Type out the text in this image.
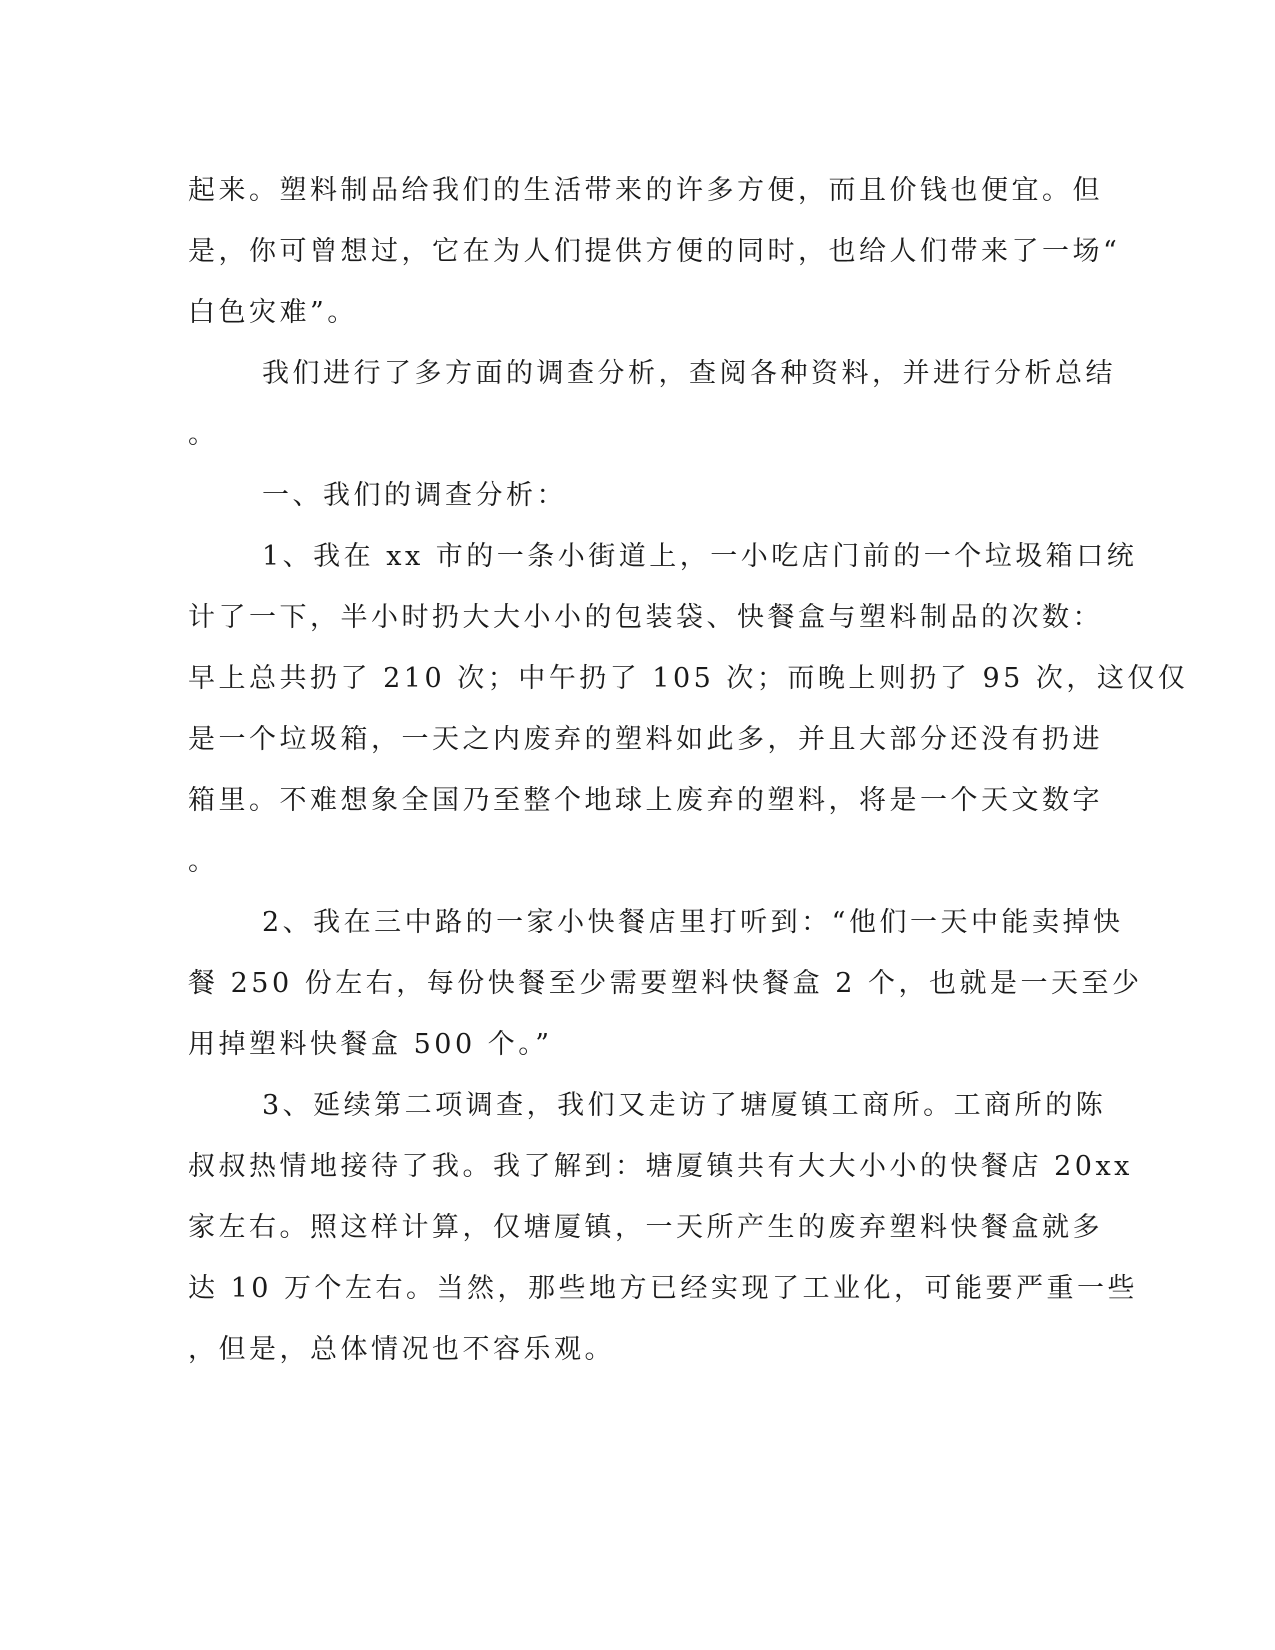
起来。塑料制品给我们的生活带来的许多方便，而且价钱也便宜。但
是，你可曾想过，它在为人们提供方便的同时，也给人们带来了一场“
白色灾难”。
我们进行了多方面的调查分析，查阅各种资料，并进行分析总结
。
一、我们的调查分析：
1、我在 xx 市的一条小街道上，一小吃店门前的一个垃圾箱口统
计了一下，半小时扔大大小小的包装袋、快餐盒与塑料制品的次数：
早上总共扔了 210 次；中午扔了 105 次；而晚上则扔了 95 次，这仅仅
是一个垃圾箱，一天之内废弃的塑料如此多，并且大部分还没有扔进
箱里。不难想象全国乃至整个地球上废弃的塑料，将是一个天文数字
。
2、我在三中路的一家小快餐店里打听到：“他们一天中能卖掉快
餐 250 份左右，每份快餐至少需要塑料快餐盒 2 个，也就是一天至少
用掉塑料快餐盒 500 个。”
3、延续第二项调查，我们又走访了塘厦镇工商所。工商所的陈
叔叔热情地接待了我。我了解到：塘厦镇共有大大小小的快餐店 20xx
家左右。照这样计算，仅塘厦镇，一天所产生的废弃塑料快餐盒就多
达 10 万个左右。当然，那些地方已经实现了工业化，可能要严重一些
，但是，总体情况也不容乐观。
